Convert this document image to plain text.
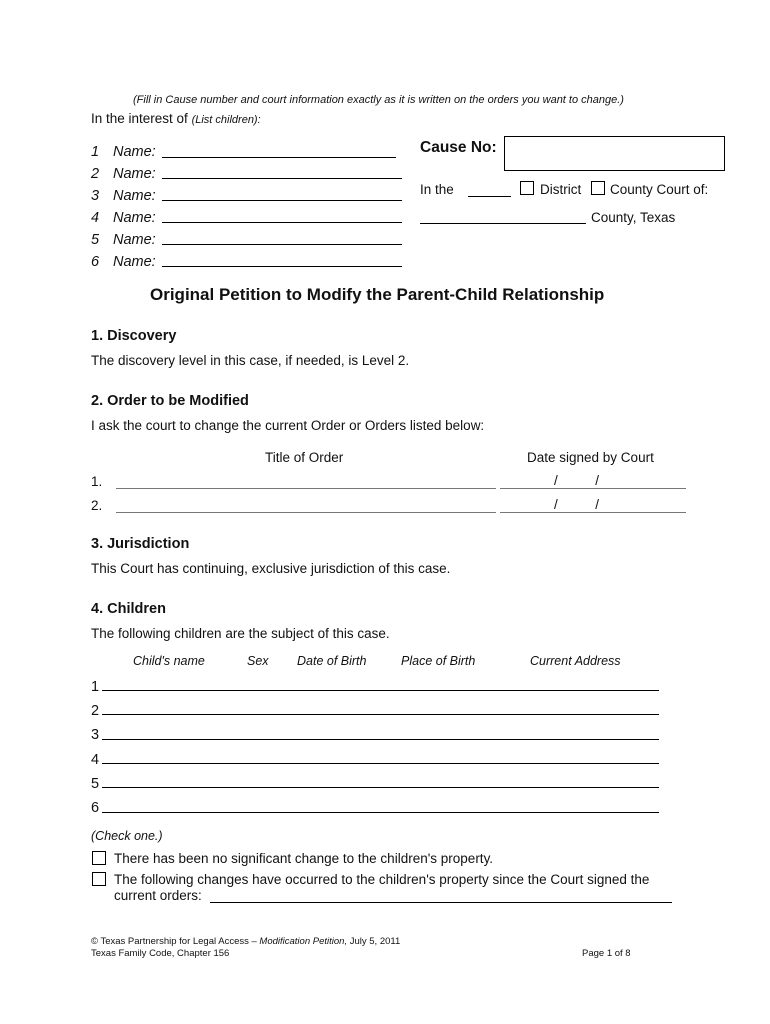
(Fill in Cause number and court information exactly as it is written on the orders you want to change.)
In the interest of (List children):
1 Name:
2 Name:
3 Name:
4 Name:
5 Name:
6 Name:
Cause No:
In the	District County Court of:
County, Texas
Original Petition to Modify the Parent-Child Relationship
1. Discovery
The discovery level in this case, if needed, is Level 2.
2. Order to be Modified
I ask the court to change the current Order or Orders listed below:
Title of Order	Date signed by Court
1.	/          /
2.	/          /
3. Jurisdiction
This Court has continuing, exclusive jurisdiction of this case.
4. Children
The following children are the subject of this case.
Child's name	Sex Date of Birth	Place of Birth	Current Address
1
2
3
4
5
6
(Check one.)
There has been no significant change to the children's property.
The following changes have occurred to the children's property since the Court signed the
current orders:
© Texas Partnership for Legal Access – Modification Petition, July 5, 2011
Texas Family Code, Chapter 156	Page 1 of 8
